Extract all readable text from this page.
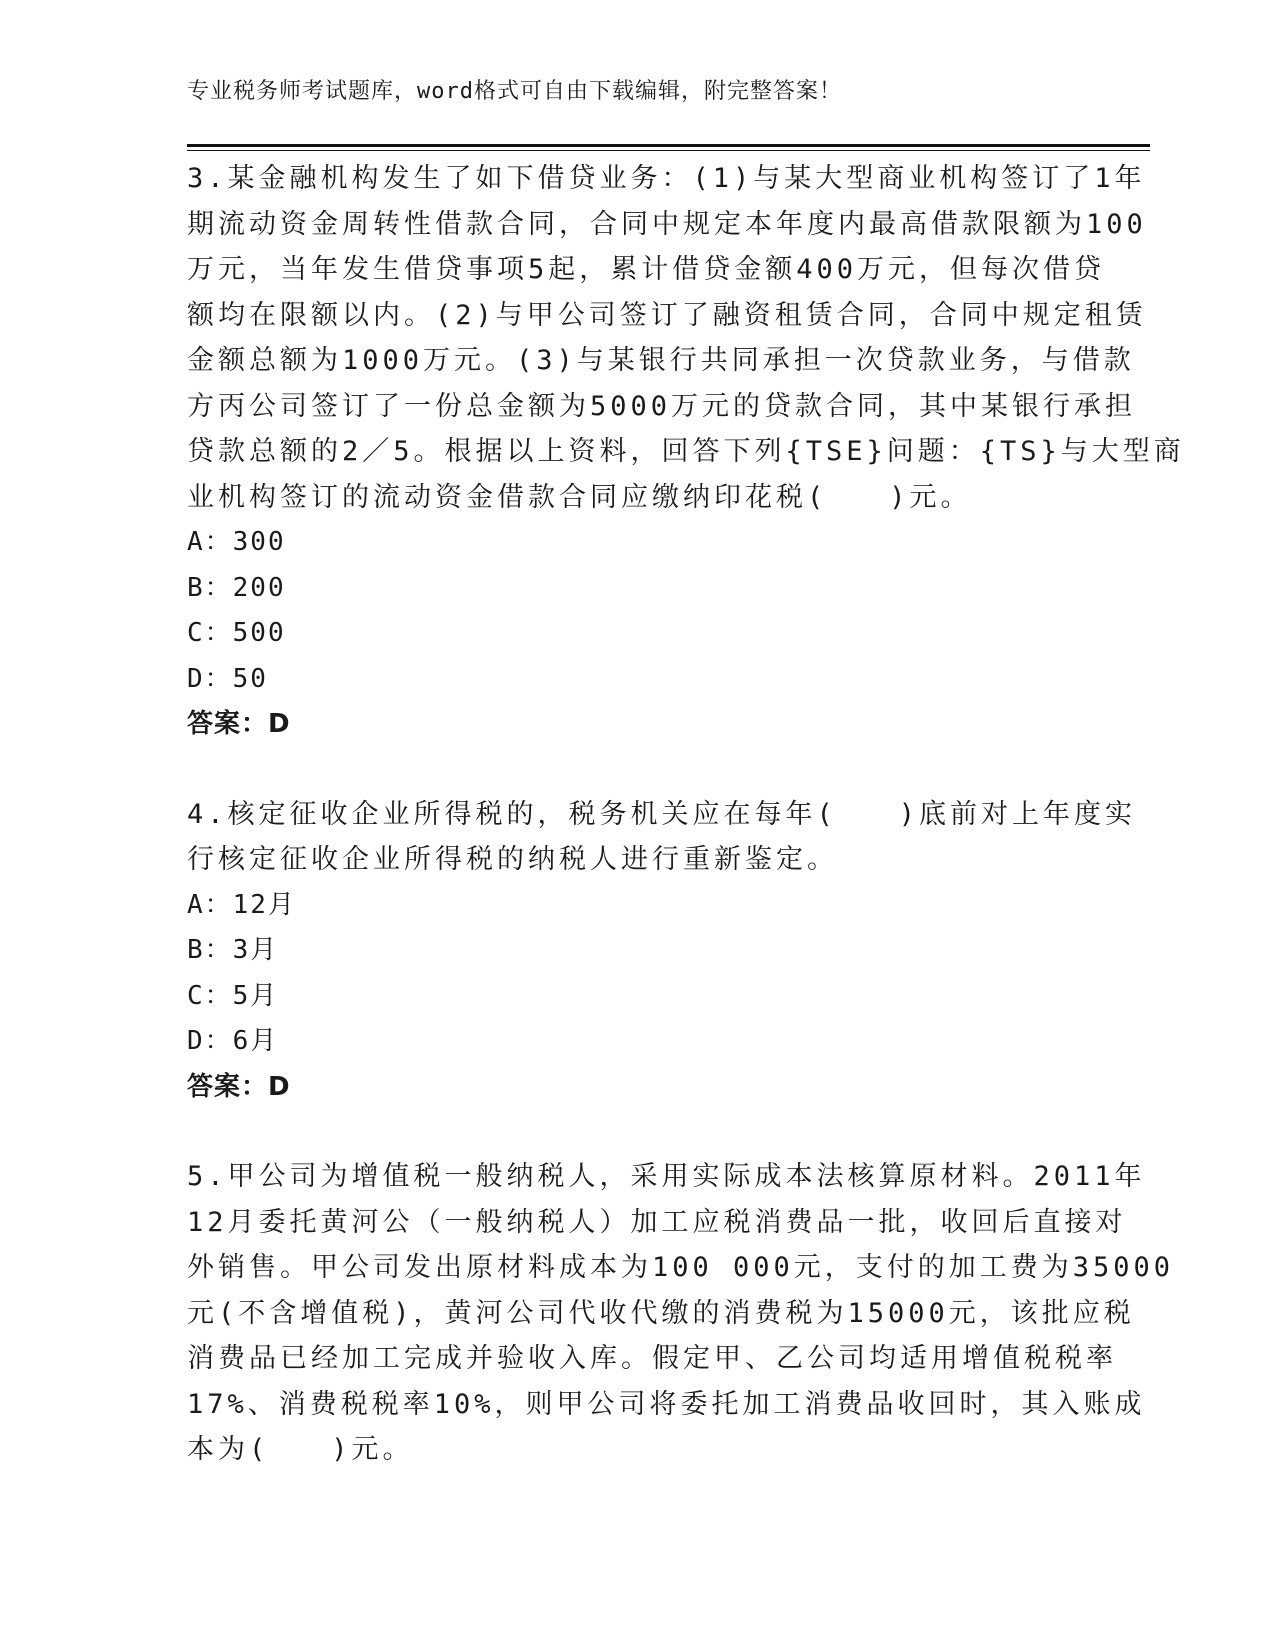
专业税务师考试题库，word格式可自由下载编辑，附完整答案！
3.某金融机构发生了如下借贷业务：(1)与某大型商业机构签订了1年
期流动资金周转性借款合同，合同中规定本年度内最高借款限额为100
万元，当年发生借贷事项5起，累计借贷金额400万元，但每次借贷
额均在限额以内。(2)与甲公司签订了融资租赁合同，合同中规定租赁
金额总额为1000万元。(3)与某银行共同承担一次贷款业务，与借款
方丙公司签订了一份总金额为5000万元的贷款合同，其中某银行承担
贷款总额的2／5。根据以上资料，回答下列{TSE}问题：{TS}与大型商
业机构签订的流动资金借款合同应缴纳印花税(　　)元。
A：300
B：200
C：500
D：50
答案：D
4.核定征收企业所得税的，税务机关应在每年(　　)底前对上年度实
行核定征收企业所得税的纳税人进行重新鉴定。
A：12月
B：3月
C：5月
D：6月
答案：D
5.甲公司为增值税一般纳税人，采用实际成本法核算原材料。2011年
12月委托黄河公（一般纳税人）加工应税消费品一批，收回后直接对
外销售。甲公司发出原材料成本为100 000元，支付的加工费为35000
元(不含增值税)，黄河公司代收代缴的消费税为15000元，该批应税
消费品已经加工完成并验收入库。假定甲、乙公司均适用增值税税率
17%、消费税税率10%，则甲公司将委托加工消费品收回时，其入账成
本为(　　)元。
